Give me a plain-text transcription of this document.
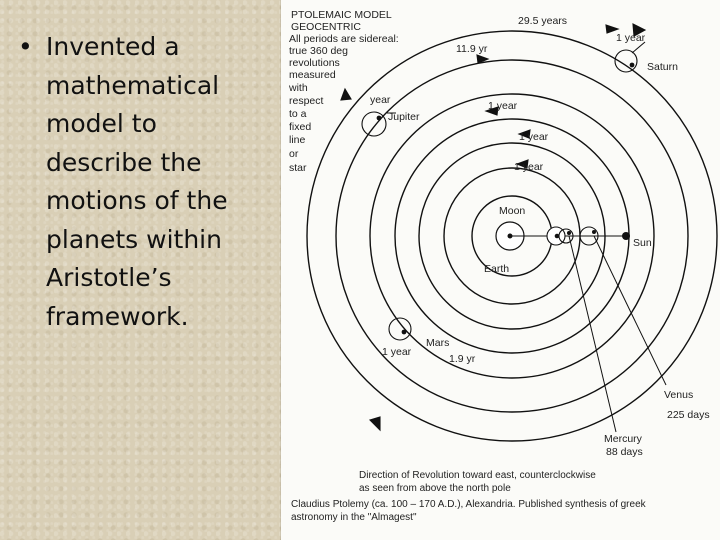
• Invented a
mathematical
model to
describe the
motions of the
planets within
Aristotle’s
framework.
PTOLEMAIC MODEL
GEOCENTRIC
All periods are sidereal:
true 360 deg
revolutions
measured
with
respect
to a
fixed
line
or
star
29.5 years
1 year
Saturn
11.9 yr
year
Jupiter
1 year
1 year
1 year
Moon
Earth
Sun
Mars
1 year
1.9 yr
Venus
225 days
Mercury
88 days
Direction of Revolution toward east, counterclockwise
as seen from above the north pole
Claudius Ptolemy (ca. 100 – 170 A.D.), Alexandria. Published synthesis of greek
astronomy in the "Almagest"
